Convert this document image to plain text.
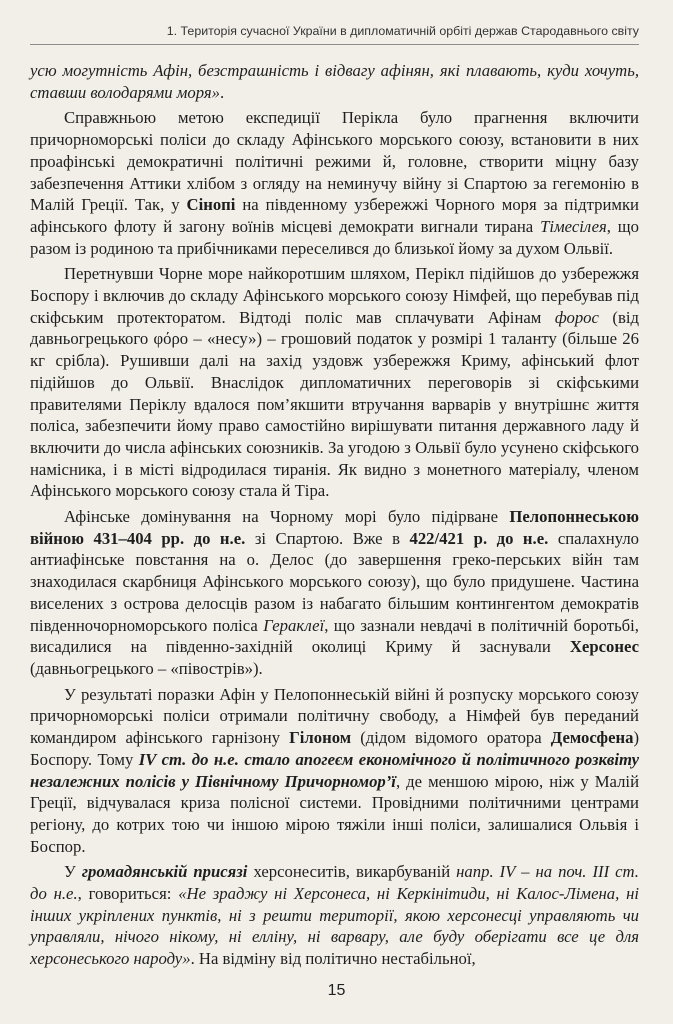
1. Територія сучасної України в дипломатичній орбіті держав Стародавнього світу

усю могутність Афін, безстрашність і відвагу афінян, які плавають, куди хочуть, ставши володарями моря».

Справжньою метою експедиції Перікла було прагнення включити причорноморські поліси до складу Афінського морського союзу, встановити в них проафінські демократичні політичні режими й, головне, створити міцну базу забезпечення Аттики хлібом з огляду на неминучу війну зі Спартою за гегемонію в Малій Греції. Так, у Сінопі на південному узбережжі Чорного моря за підтримки афінського флоту й загону воїнів місцеві демократи вигнали тирана Тімесілея, що разом із родиною та прибічниками переселився до близької йому за духом Ольвії.

Перетнувши Чорне море найкоротшим шляхом, Перікл підійшов до узбережжя Боспору і включив до складу Афінського морського союзу Німфей, що перебував під скіфським протекторатом. Відтоді поліс мав сплачувати Афінам форос (від давньогрецького φόρο – «несу») – грошовий податок у розмірі 1 таланту (більше 26 кг срібла). Рушивши далі на захід уздовж узбережжя Криму, афінський флот підійшов до Ольвії. Внаслідок дипломатичних переговорів зі скіфськими правителями Періклу вдалося пом’якшити втручання варварів у внутрішнє життя поліса, забезпечити йому право самостійно вирішувати питання державного ладу й включити до числа афінських союзників. За угодою з Ольвії було усунено скіфського намісника, і в місті відродилася тиранія. Як видно з монетного матеріалу, членом Афінського морського союзу стала й Тіра.

Афінське домінування на Чорному морі було підірване Пелопоннеською війною 431–404 рр. до н.е. зі Спартою. Вже в 422/421 р. до н.е. спалахнуло антиафінське повстання на о. Делос (до завершення греко-перських війн там знаходилася скарбниця Афінського морського союзу), що було придушене. Частина виселених з острова делосців разом із набагато більшим контингентом демократів південночорноморського поліса Гераклеї, що зазнали невдачі в політичній боротьбі, висадилися на південно-західній околиці Криму й заснували Херсонес (давньогрецького – «півострів»).

У результаті поразки Афін у Пелопоннеській війні й розпуску морського союзу причорноморські поліси отримали політичну свободу, а Німфей був переданий командиром афінського гарнізону Гілоном (дідом відомого оратора Демосфена) Боспору. Тому IV ст. до н.е. стало апогеєм економічного й політичного розквіту незалежних полісів у Північному Причорномор’ї, де меншою мірою, ніж у Малій Греції, відчувалася криза полісної системи. Провідними політичними центрами регіону, до котрих тою чи іншою мірою тяжіли інші поліси, залишалися Ольвія і Боспор.

У громадянській присязі херсонеситів, викарбуваній напр. IV – на поч. III ст. до н.е., говориться: «Не зраджу ні Херсонеса, ні Керкінітиди, ні Калос-Лімена, ні інших укріплених пунктів, ні з решти території, якою херсонесці управляють чи управляли, нічого нікому, ні елліну, ні варвару, але буду оберігати все це для херсонеського народу». На відміну від політично нестабільної,

15
